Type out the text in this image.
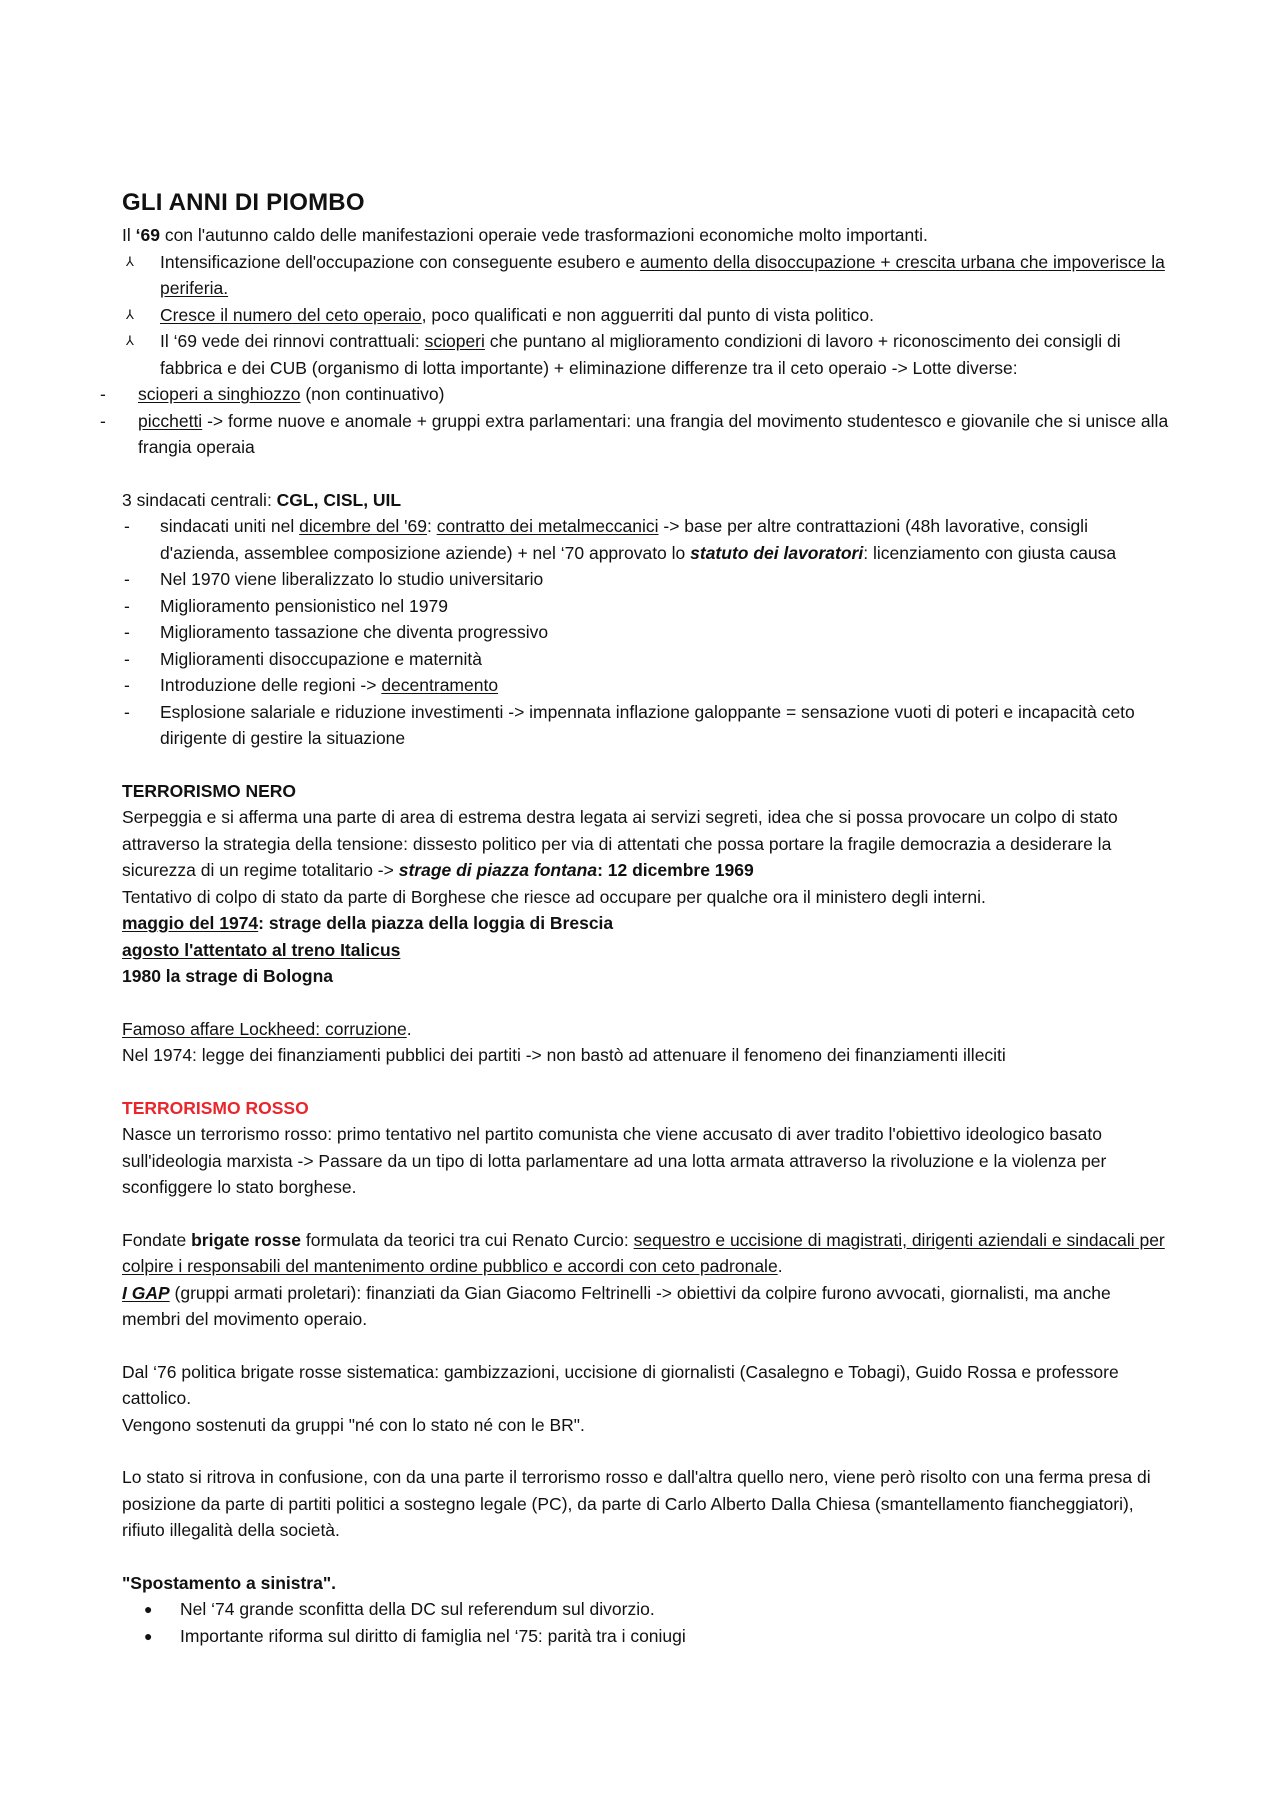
GLI ANNI DI PIOMBO

Il ‘69 con l'autunno caldo delle manifestazioni operaie vede trasformazioni economiche molto importanti.

⅄ Intensificazione dell'occupazione con conseguente esubero e aumento della disoccupazione + crescita urbana che impoverisce la periferia.
⅄ Cresce il numero del ceto operaio, poco qualificati e non agguerriti dal punto di vista politico.
⅄ Il ‘69 vede dei rinnovi contrattuali: scioperi che puntano al miglioramento condizioni di lavoro + riconoscimento dei consigli di fabbrica e dei CUB (organismo di lotta importante) + eliminazione differenze tra il ceto operaio -> Lotte diverse:
- scioperi a singhiozzo (non continuativo)
- picchetti -> forme nuove e anomale + gruppi extra parlamentari: una frangia del movimento studentesco e giovanile che si unisce alla frangia operaia

3 sindacati centrali: CGL, CISL, UIL

- sindacati uniti nel dicembre del '69: contratto dei metalmeccanici -> base per altre contrattazioni (48h lavorative, consigli d'azienda, assemblee composizione aziende) + nel ‘70 approvato lo statuto dei lavoratori: licenziamento con giusta causa
- Nel 1970 viene liberalizzato lo studio universitario
- Miglioramento pensionistico nel 1979
- Miglioramento tassazione che diventa progressivo
- Miglioramenti disoccupazione e maternità
- Introduzione delle regioni -> decentramento
- Esplosione salariale e riduzione investimenti -> impennata inflazione galoppante = sensazione vuoti di poteri e incapacità ceto dirigente di gestire la situazione

TERRORISMO NERO

Serpeggia e si afferma una parte di area di estrema destra legata ai servizi segreti, idea che si possa provocare un colpo di stato attraverso la strategia della tensione: dissesto politico per via di attentati che possa portare la fragile democrazia a desiderare la sicurezza di un regime totalitario -> strage di piazza fontana: 12 dicembre 1969

Tentativo di colpo di stato da parte di Borghese che riesce ad occupare per qualche ora il ministero degli interni.

maggio del 1974: strage della piazza della loggia di Brescia

agosto l'attentato al treno Italicus

1980 la strage di Bologna

Famoso affare Lockheed: corruzione.

Nel 1974: legge dei finanziamenti pubblici dei partiti -> non bastò ad attenuare il fenomeno dei finanziamenti illeciti

TERRORISMO ROSSO

Nasce un terrorismo rosso: primo tentativo nel partito comunista che viene accusato di aver tradito l'obiettivo ideologico basato sull'ideologia marxista -> Passare da un tipo di lotta parlamentare ad una lotta armata attraverso la rivoluzione e la violenza per sconfiggere lo stato borghese.

Fondate brigate rosse formulata da teorici tra cui Renato Curcio: sequestro e uccisione di magistrati, dirigenti aziendali e sindacali per colpire i responsabili del mantenimento ordine pubblico e accordi con ceto padronale.

I GAP (gruppi armati proletari): finanziati da Gian Giacomo Feltrinelli -> obiettivi da colpire furono avvocati, giornalisti, ma anche membri del movimento operaio.

Dal ‘76 politica brigate rosse sistematica: gambizzazioni, uccisione di giornalisti (Casalegno e Tobagi), Guido Rossa e professore cattolico.

Vengono sostenuti da gruppi "né con lo stato né con le BR".

Lo stato si ritrova in confusione, con da una parte il terrorismo rosso e dall'altra quello nero, viene però risolto con una ferma presa di posizione da parte di partiti politici a sostegno legale (PC), da parte di Carlo Alberto Dalla Chiesa (smantellamento fiancheggiatori), rifiuto illegalità della società.

"Spostamento a sinistra".

● Nel ‘74 grande sconfitta della DC sul referendum sul divorzio.
● Importante riforma sul diritto di famiglia nel ‘75: parità tra i coniugi
